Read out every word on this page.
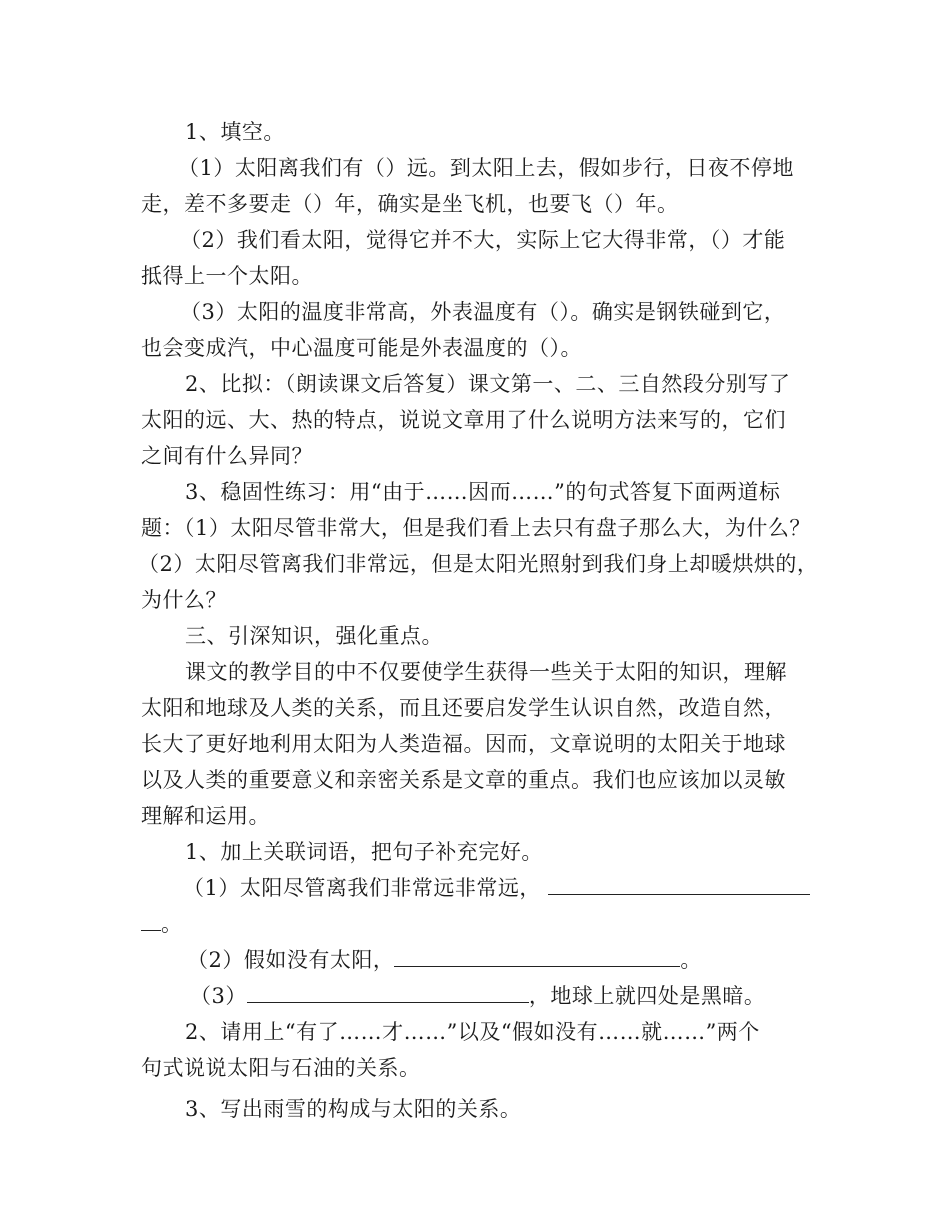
1、填空。
（1）太阳离我们有（）远。到太阳上去，假如步行，日夜不停地
走，差不多要走（）年，确实是坐飞机，也要飞（）年。
（2）我们看太阳，觉得它并不大，实际上它大得非常，（）才能
抵得上一个太阳。
（3）太阳的温度非常高，外表温度有（）。确实是钢铁碰到它，
也会变成汽，中心温度可能是外表温度的（）。
2、比拟：（朗读课文后答复）课文第一、二、三自然段分别写了
太阳的远、大、热的特点，说说文章用了什么说明方法来写的，它们
之间有什么异同？
3、稳固性练习：用“由于……因而……”的句式答复下面两道标
题：（1）太阳尽管非常大，但是我们看上去只有盘子那么大，为什么？
（2）太阳尽管离我们非常远，但是太阳光照射到我们身上却暖烘烘的，
为什么？
三、引深知识，强化重点。
课文的教学目的中不仅要使学生获得一些关于太阳的知识，理解
太阳和地球及人类的关系，而且还要启发学生认识自然，改造自然，
长大了更好地利用太阳为人类造福。因而，文章说明的太阳关于地球
以及人类的重要意义和亲密关系是文章的重点。我们也应该加以灵敏
理解和运用。
1、加上关联词语，把句子补充完好。
（1）太阳尽管离我们非常远非常远，
。
（2）假如没有太阳，	。
（3）	，地球上就四处是黑暗。
2、请用上“有了……才……”以及“假如没有……就……”两个
句式说说太阳与石油的关系。
3、写出雨雪的构成与太阳的关系。
